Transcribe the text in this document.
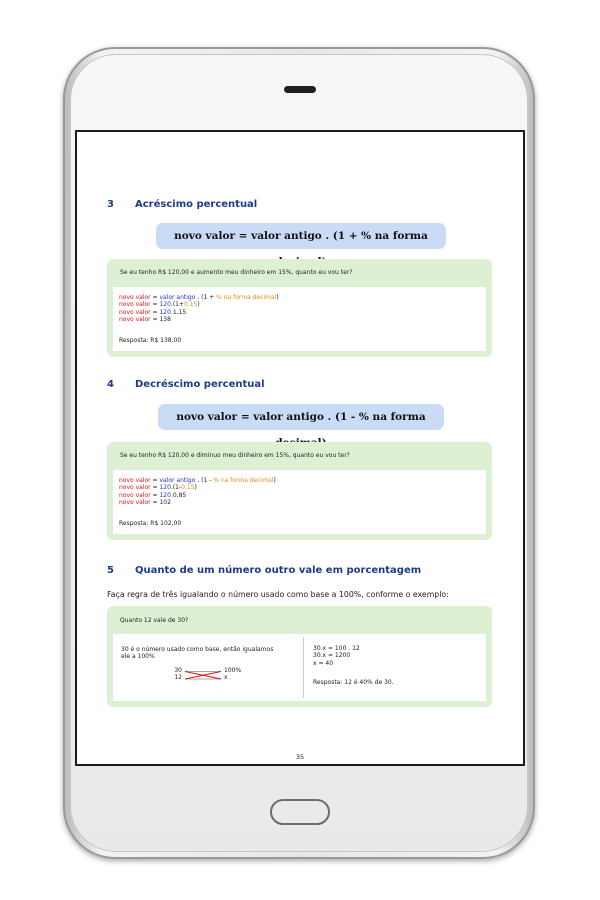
3 Acréscimo percentual
novo valor = valor antigo . (1 + % na forma
Se eu tenho R$ 120,00 e aumento meu dinheiro em 15%, quanto eu vou ter?
novo valor = valor antigo . (1 + % na forma decimal)
novo valor = 120.(1+0,15)
novo valor = 120.1,15
novo valor = 138
Resposta: R$ 138,00
4 Decréscimo percentual
novo valor = valor antigo . (1 - % na forma
Se eu tenho R$ 120,00 e diminuo meu dinheiro em 15%, quanto eu vou ter?
novo valor = valor antigo . (1 - % na forma decimal)
novo valor = 120.(1-0,15)
novo valor = 120.0,85
novo valor = 102
Resposta: R$ 102,00
5 Quanto de um número outro vale em porcentagem
Faça regra de três igualando o número usado como base a 100%, conforme o exemplo:
Quanto 12 vale de 30?
30 é o número usado como base, então igualamos
ele a 100%
30
12
100%
x
30.x = 100 . 12
30.x = 1200
x = 40
Resposta: 12 é 40% de 30.
35
